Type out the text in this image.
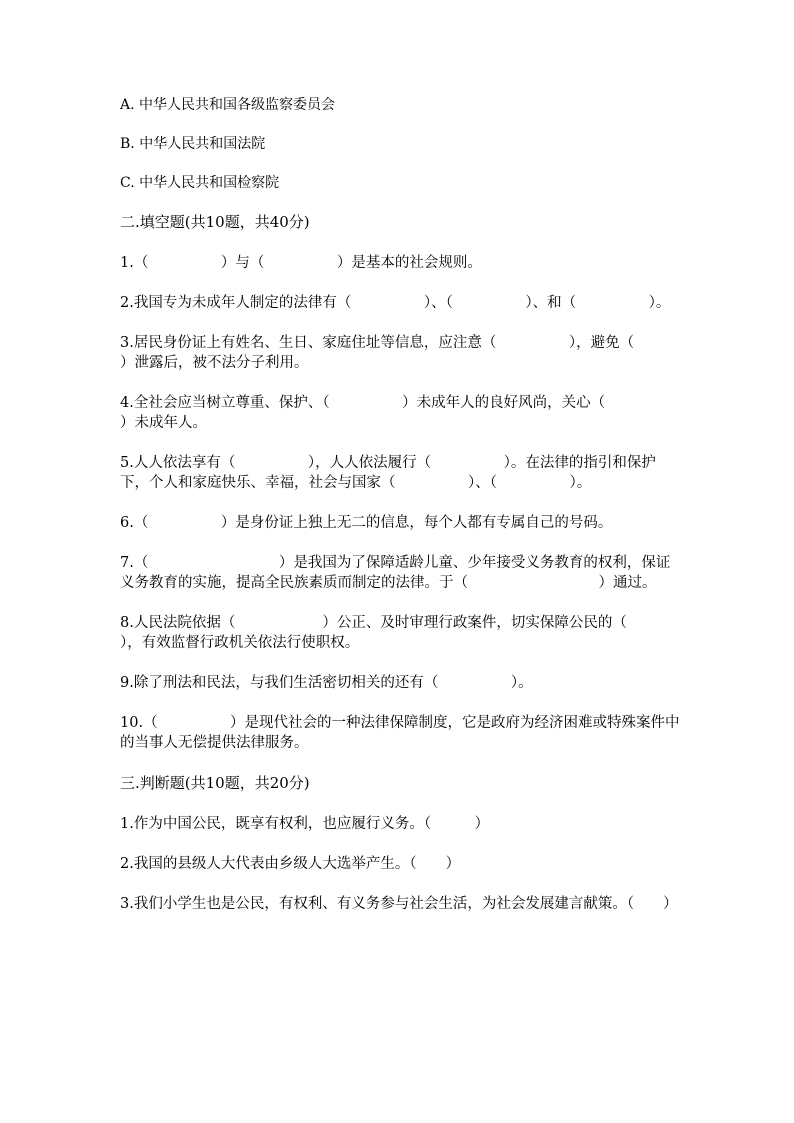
A. 中华人民共和国各级监察委员会
B. 中华人民共和国法院
C. 中华人民共和国检察院
二.填空题(共10题，共40分)
1.（　　　　　）与（　　　　　）是基本的社会规则。
2.我国专为未成年人制定的法律有（　　　　　）、（　　　　　）、和（　　　　　）。
3.居民身份证上有姓名、生日、家庭住址等信息，应注意（　　　　　），避免（　　　　　）泄露后，被不法分子利用。
4.全社会应当树立尊重、保护、（　　　　　）未成年人的良好风尚，关心（　　　　　）未成年人。
5.人人依法享有（　　　　　），人人依法履行（　　　　　）。在法律的指引和保护下，个人和家庭快乐、幸福，社会与国家（　　　　　）、（　　　　　）。
6.（　　　　　）是身份证上独上无二的信息，每个人都有专属自己的号码。
7.（　　　　　　　　　）是我国为了保障适龄儿童、少年接受义务教育的权利，保证义务教育的实施，提高全民族素质而制定的法律。于（　　　　　　　　　）通过。
8.人民法院依据（　　　　　　）公正、及时审理行政案件，切实保障公民的（　　　　　　），有效监督行政机关依法行使职权。
9.除了刑法和民法，与我们生活密切相关的还有（　　　　　）。
10.（　　　　　）是现代社会的一种法律保障制度，它是政府为经济困难或特殊案件中的当事人无偿提供法律服务。
三.判断题(共10题，共20分)
1.作为中国公民，既享有权利，也应履行义务。（　　　）
2.我国的县级人大代表由乡级人大选举产生。（　　）
3.我们小学生也是公民，有权利、有义务参与社会生活，为社会发展建言献策。（　　）
